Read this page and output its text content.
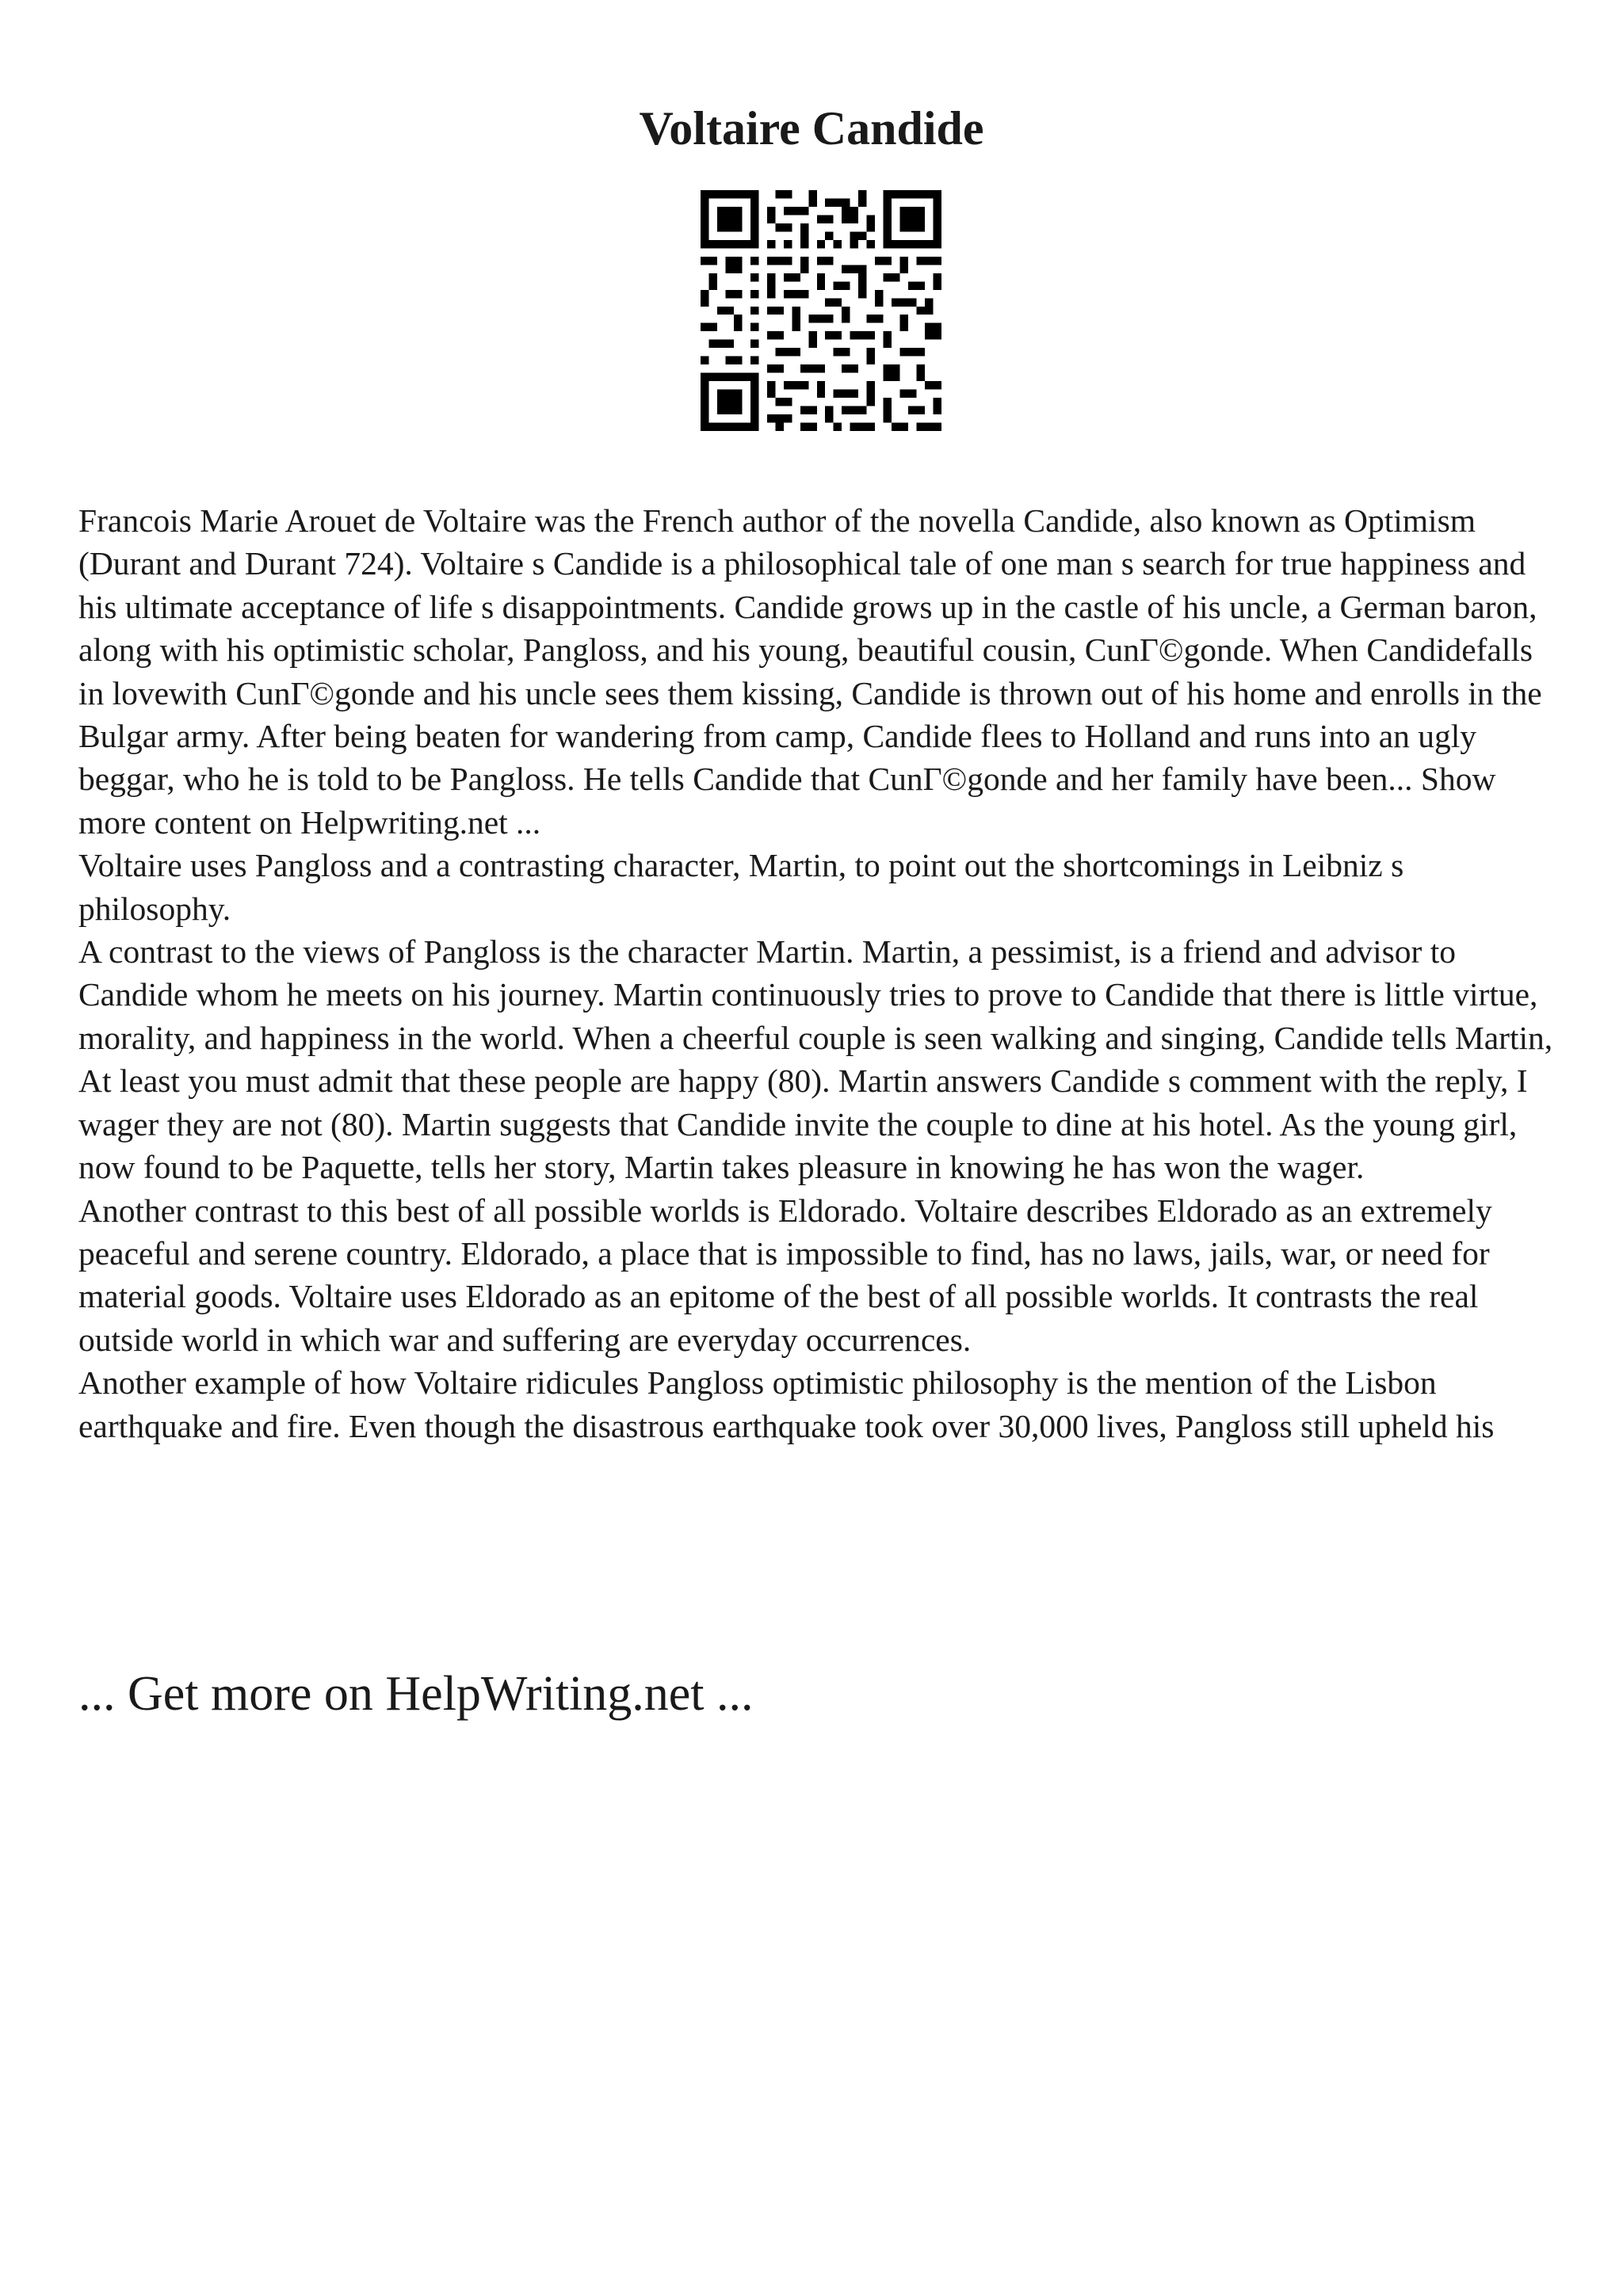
Voltaire Candide

Francois Marie Arouet de Voltaire was the French author of the novella Candide, also known as Optimism (Durant and Durant 724). Voltaire s Candide is a philosophical tale of one man s search for true happiness and his ultimate acceptance of life s disappointments. Candide grows up in the castle of his uncle, a German baron, along with his optimistic scholar, Pangloss, and his young, beautiful cousin, CunΓ©gonde. When Candidefalls in lovewith CunΓ©gonde and his uncle sees them kissing, Candide is thrown out of his home and enrolls in the Bulgar army. After being beaten for wandering from camp, Candide flees to Holland and runs into an ugly beggar, who he is told to be Pangloss. He tells Candide that CunΓ©gonde and her family have been... Show more content on Helpwriting.net ...

Voltaire uses Pangloss and a contrasting character, Martin, to point out the shortcomings in Leibniz s philosophy.

A contrast to the views of Pangloss is the character Martin. Martin, a pessimist, is a friend and advisor to Candide whom he meets on his journey. Martin continuously tries to prove to Candide that there is little virtue, morality, and happiness in the world. When a cheerful couple is seen walking and singing, Candide tells Martin, At least you must admit that these people are happy (80). Martin answers Candide s comment with the reply, I wager they are not (80). Martin suggests that Candide invite the couple to dine at his hotel. As the young girl, now found to be Paquette, tells her story, Martin takes pleasure in knowing he has won the wager.

Another contrast to this best of all possible worlds is Eldorado. Voltaire describes Eldorado as an extremely peaceful and serene country. Eldorado, a place that is impossible to find, has no laws, jails, war, or need for material goods. Voltaire uses Eldorado as an epitome of the best of all possible worlds. It contrasts the real outside world in which war and suffering are everyday occurrences.

Another example of how Voltaire ridicules Pangloss optimistic philosophy is the mention of the Lisbon earthquake and fire. Even though the disastrous earthquake took over 30,000 lives, Pangloss still upheld his

... Get more on HelpWriting.net ...
